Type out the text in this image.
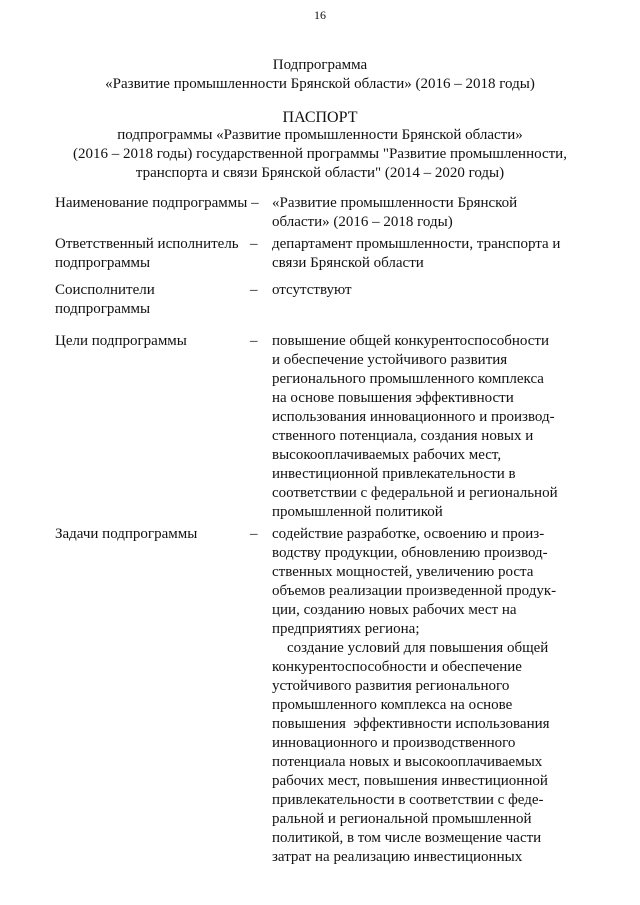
16
Подпрограмма
«Развитие промышленности Брянской области» (2016 – 2018 годы)
ПАСПОРТ
подпрограммы «Развитие промышленности Брянской области»
(2016 – 2018 годы) государственной программы "Развитие промышленности,
транспорта и связи Брянской области" (2014 – 2020 годы)
Наименование подпрограммы – «Развитие промышленности Брянской
области» (2016 – 2018 годы)
Ответственный исполнитель
подпрограммы
– департамент промышленности, транспорта и
связи Брянской области
Соисполнители
подпрограммы
– отсутствуют
Цели подпрограммы	– повышение общей конкурентоспособности
и обеспечение устойчивого развития
регионального промышленного комплекса
на основе повышения эффективности
использования инновационного и производ-
ственного потенциала, создания новых и
высокооплачиваемых рабочих мест,
инвестиционной привлекательности в
соответствии с федеральной и региональной
промышленной политикой
Задачи подпрограммы	– содействие разработке, освоению и произ-
водству продукции, обновлению производ-
ственных мощностей, увеличению роста
объемов реализации произведенной продук-
ции, созданию новых рабочих мест на
предприятиях региона;
создание условий для повышения общей
конкурентоспособности и обеспечение
устойчивого развития регионального
промышленного комплекса на основе
повышения  эффективности использования
инновационного и производственного
потенциала новых и высокооплачиваемых
рабочих мест, повышения инвестиционной
привлекательности в соответствии с феде-
ральной и региональной промышленной
политикой, в том числе возмещение части
затрат на реализацию инвестиционных
